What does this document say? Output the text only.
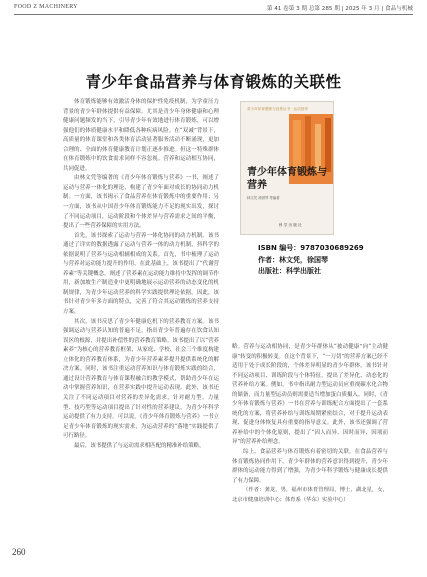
FOOD Z MACHINERY	第 41 卷第 3 期 总第 285 期 | 2025 年 3 月 | 食品与机械
青少年食品营养与体育锻炼的关联性

体育锻炼能够有效激活身体的保护性免疫机制，为学童压力背景的青少年群体提供有益保障。尤其是青少年身体健康和心理健康问题频发的当下，引导青少年有效地进行体育锻炼，可以增强他们的体质健康水平和降低各种疾病风险。在“双减”背景下，高质量的体育课堂和各类体育活动显著服务活动不断涌现，更加合理的、全面的体育健康教育计划正逐步推进。但这一特殊群体在体育锻炼中的饮食需求同样不容忽视。营养和运动相互协同，共同促进。

由林文凭等编著的《青少年体育锻炼与营养》一书，阐述了运动与营养一体化的理论，构建了青少年面对成长的协同动力机制。一方面，该书揭示了食品营养在体育锻炼中的重要作用；另一方面，该书从中国青少年体育锻炼能力不足的现实出发，探讨了不同运动项目，运动阶段和个体差异与营养需求之间的平衡，提出了一些营养保障的实用方法。

首先，该书探索了运动与营养一体化协同的动力机制。该书通过了详实的数据透露了运动与营养一体的动力机制，抖科学的依据说明了营养与运动相辅相成的关系。首先，书中梳理了运动与营养对运动能力提升的作用，在此基础上，该书提出了“代谢营养素”等关键概念，阐述了营养素在运动能力维持中发挥的调节作用，新加坡生产制造业中更明确地展示运动营养的动态变化的机制规律，为青少年运动营养的科学实践提供理论依据。因此，该书针对青少年多方面的特点，完善了符合其运动锻炼的营养支持方案。

其次，该书反思了青少年健康危机下的营养教育方案。该书强调运动与营养认知的普遍不足，指出青少年普遍存在饮食认知误区的根源，并提出补偿性的营养教育策略。该书提出了以“营养素养”为核心的营养教育框架，从家庭、学校、社会三个维度构建立体化的营养教育体系，为青少年营养素养提升提供系统化的解决方案。同时，该书注重运动营养知识与体育锻炼实践的结合，通过设计营养教育与体育课程融合的教学模式，帮助青少年在运动中掌握营养知识，在营养实践中提升运动表现。此外，该书还关注了不同运动项目对营养的差异化需求，针对耐力型、力量型、技巧型等运动项目提出了针对性的营养建议，为青少年科学运动提供了有力支持。可以说，《青少年体育锻炼与营养》一书立足青少年体育锻炼的现实需求，为运动营养的“落地”实践提供了可行路径。

最后，该书提供了与运动需求相匹配的精准补给策略，

青少年体育锻炼与营养丛书 · 运动营养
青少年体育锻炼与营养
林文凭 徐国琴 等编著
科 学 出 版 社
ISBN 编号：9787030689269
作者：林文凭，徐国琴
出版社：科学出版社

略。营养与运动相协同，是青少年群体从“被动健康”向“主动健康”转变的积极转变。在这个背景下，“一刀切”的营养方案已经不适用于处于成长阶段的，个体差异明显的青少年群体。该书针对不同运动项目、训练阶段与个体特征，提出了差异化、动态化的营养补给方案。例如，书中指出耐力型运动员应重视碳水化合物的储备，而力量型运动员则需要适当增加蛋白质摄入。同时，《青少年体育锻炼与营养》一书在营养与训练配合方面提出了一套系统化的方案，将营养补给与训练周期紧密结合，对于提升运动表现、促进身体恢复具有重要的指导意义。此外，该书还强调了营养补给中的个体化原则，提出了“因人而异、因时而异、因项而异”的营养补给理念。

综上，食品营养与体育锻炼有着密切的关联。在食品营养与体育锻炼协同作用下，青少年群体的营养意识得到提升，青少年群体的运动能力得到了增强，为青少年科学锻炼与健康成长提供了有力保障。

（作者：龚龙，男，福州市体育管理局，博士，湖北星，女，北京市健康培训中心；体育系（华东）实验中心）

260
